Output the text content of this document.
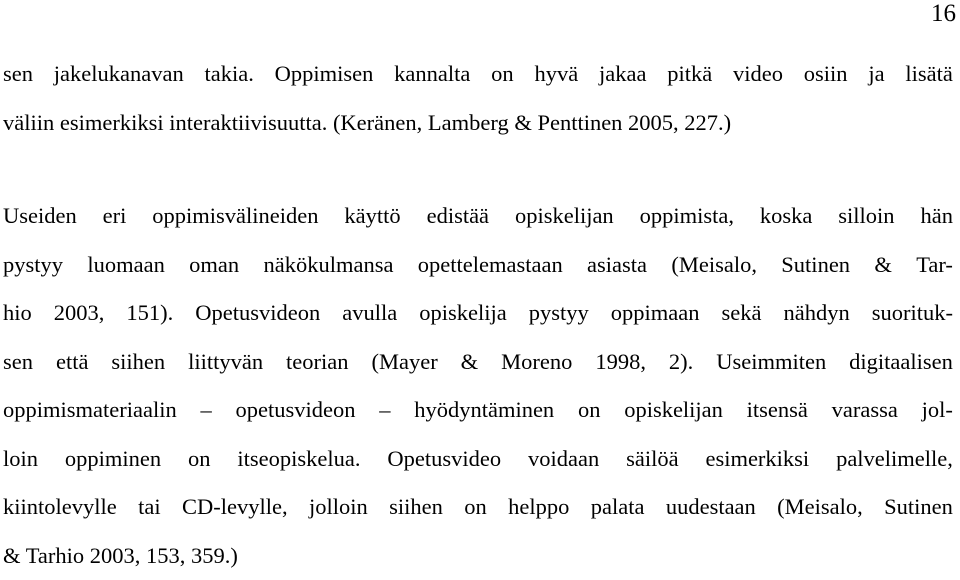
16
sen jakelukanavan takia. Oppimisen kannalta on hyvä jakaa pitkä video osiin ja lisätä
väliin esimerkiksi interaktiivisuutta. (Keränen, Lamberg & Penttinen 2005, 227.)
Useiden eri oppimisvälineiden käyttö edistää opiskelijan oppimista, koska silloin hän
pystyy luomaan oman näkökulmansa opettelemastaan asiasta (Meisalo, Sutinen & Tar-
hio 2003, 151). Opetusvideon avulla opiskelija pystyy oppimaan sekä nähdyn suorituk-
sen että siihen liittyvän teorian (Mayer & Moreno 1998, 2). Useimmiten digitaalisen
oppimismateriaalin – opetusvideon – hyödyntäminen on opiskelijan itsensä varassa jol-
loin oppiminen on itseopiskelua. Opetusvideo voidaan säilöä esimerkiksi palvelimelle,
kiintolevylle tai CD-levylle, jolloin siihen on helppo palata uudestaan (Meisalo, Sutinen
& Tarhio 2003, 153, 359.)
